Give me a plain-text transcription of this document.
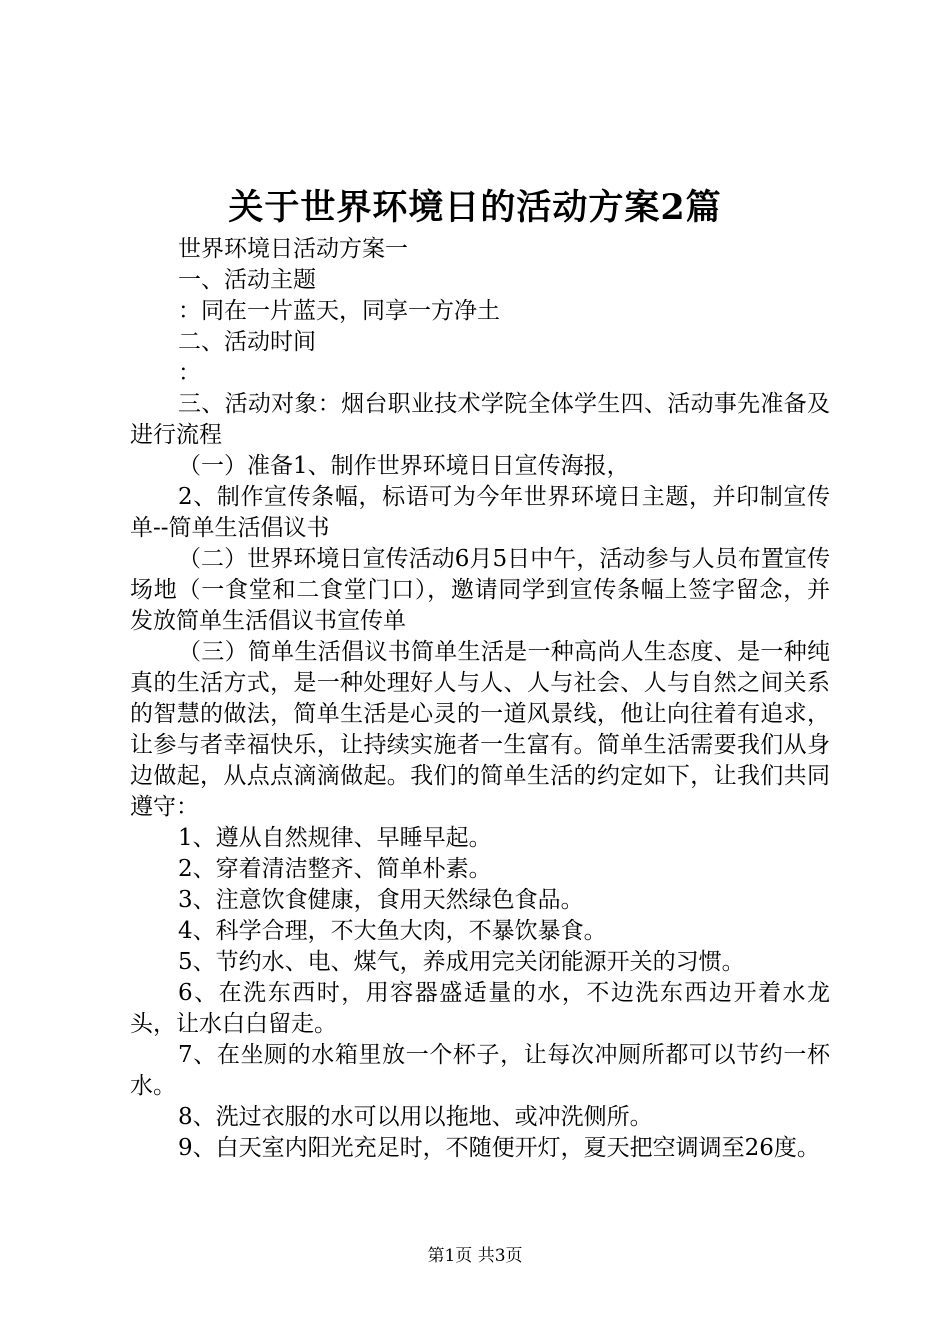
关于世界环境日的活动方案2篇

世界环境日活动方案一

一、活动主题

：同在一片蓝天，同享一方净土

二、活动时间

：

三、活动对象：烟台职业技术学院全体学生四、活动事先准备及进行流程

（一）准备1、制作世界环境日日宣传海报，

2、制作宣传条幅，标语可为今年世界环境日主题，并印制宣传单--简单生活倡议书

（二）世界环境日宣传活动6月5日中午，活动参与人员布置宣传场地（一食堂和二食堂门口），邀请同学到宣传条幅上签字留念，并发放简单生活倡议书宣传单

（三）简单生活倡议书简单生活是一种高尚人生态度、是一种纯真的生活方式，是一种处理好人与人、人与社会、人与自然之间关系的智慧的做法，简单生活是心灵的一道风景线，他让向往着有追求，让参与者幸福快乐，让持续实施者一生富有。简单生活需要我们从身边做起，从点点滴滴做起。我们的简单生活的约定如下，让我们共同遵守：

1、遵从自然规律、早睡早起。

2、穿着清洁整齐、简单朴素。

3、注意饮食健康，食用天然绿色食品。

4、科学合理，不大鱼大肉，不暴饮暴食。

5、节约水、电、煤气，养成用完关闭能源开关的习惯。

6、在洗东西时，用容器盛适量的水，不边洗东西边开着水龙头，让水白白留走。

7、在坐厕的水箱里放一个杯子，让每次冲厕所都可以节约一杯水。

8、洗过衣服的水可以用以拖地、或冲洗侧所。

9、白天室内阳光充足时，不随便开灯，夏天把空调调至26度。

第1页 共3页
